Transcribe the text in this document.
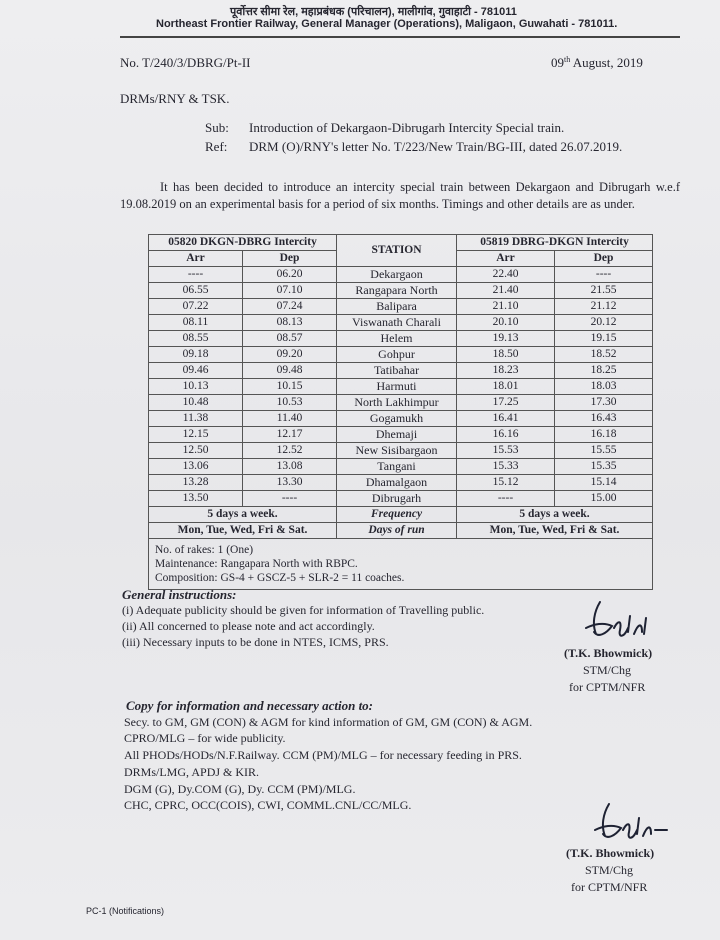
पूर्वोत्तर सीमा रेल, महाप्रबंधक (परिचालन), मालीगांव, गुवाहाटी - 781011
Northeast Frontier Railway, General Manager (Operations), Maligaon, Guwahati - 781011.
No. T/240/3/DBRG/Pt-II	09th August, 2019
DRMs/RNY & TSK.
Sub: Introduction of Dekargaon-Dibrugarh Intercity Special train.
Ref: DRM (O)/RNY's letter No. T/223/New Train/BG-III, dated 26.07.2019.
It has been decided to introduce an intercity special train between Dekargaon and Dibrugarh w.e.f 19.08.2019 on an experimental basis for a period of six months. Timings and other details are as under.
05820 DKGN-DBRG Intercity		STATION	05819 DBRG-DKGN Intercity	
Arr	Dep		Arr	Dep
----	06.20	Dekargaon	22.40	----
06.55	07.10	Rangapara North	21.40	21.55
07.22	07.24	Balipara	21.10	21.12
08.11	08.13	Viswanath Charali	20.10	20.12
08.55	08.57	Helem	19.13	19.15
09.18	09.20	Gohpur	18.50	18.52
09.46	09.48	Tatibahar	18.23	18.25
10.13	10.15	Harmuti	18.01	18.03
10.48	10.53	North Lakhimpur	17.25	17.30
11.38	11.40	Gogamukh	16.41	16.43
12.15	12.17	Dhemaji	16.16	16.18
12.50	12.52	New Sisibargaon	15.53	15.55
13.06	13.08	Tangani	15.33	15.35
13.28	13.30	Dhamalgaon	15.12	15.14
13.50	----	Dibrugarh	----	15.00
5 days a week.		Frequency	5 days a week.	
Mon, Tue, Wed, Fri & Sat.		Days of run	Mon, Tue, Wed, Fri & Sat.	

No. of rakes: 1 (One)
Maintenance: Rangapara North with RBPC.
Composition: GS-4 + GSCZ-5 + SLR-2 = 11 coaches.				
General instructions:
(i) Adequate publicity should be given for information of Travelling public.
(ii) All concerned to please note and act accordingly.
(iii) Necessary inputs to be done in NTES, ICMS, PRS.
(T.K. Bhowmick)
STM/Chg
for CPTM/NFR
Copy for information and necessary action to:
Secy. to GM, GM (CON) & AGM for kind information of GM, GM (CON) & AGM.
CPRO/MLG – for wide publicity.
All PHODs/HODs/N.F.Railway. CCM (PM)/MLG – for necessary feeding in PRS.
DRMs/LMG, APDJ & KIR.
DGM (G), Dy.COM (G), Dy. CCM (PM)/MLG.
CHC, CPRC, OCC(COIS), CWI, COMML.CNL/CC/MLG.
(T.K. Bhowmick)
STM/Chg
for CPTM/NFR
PC-1 (Notifications)
